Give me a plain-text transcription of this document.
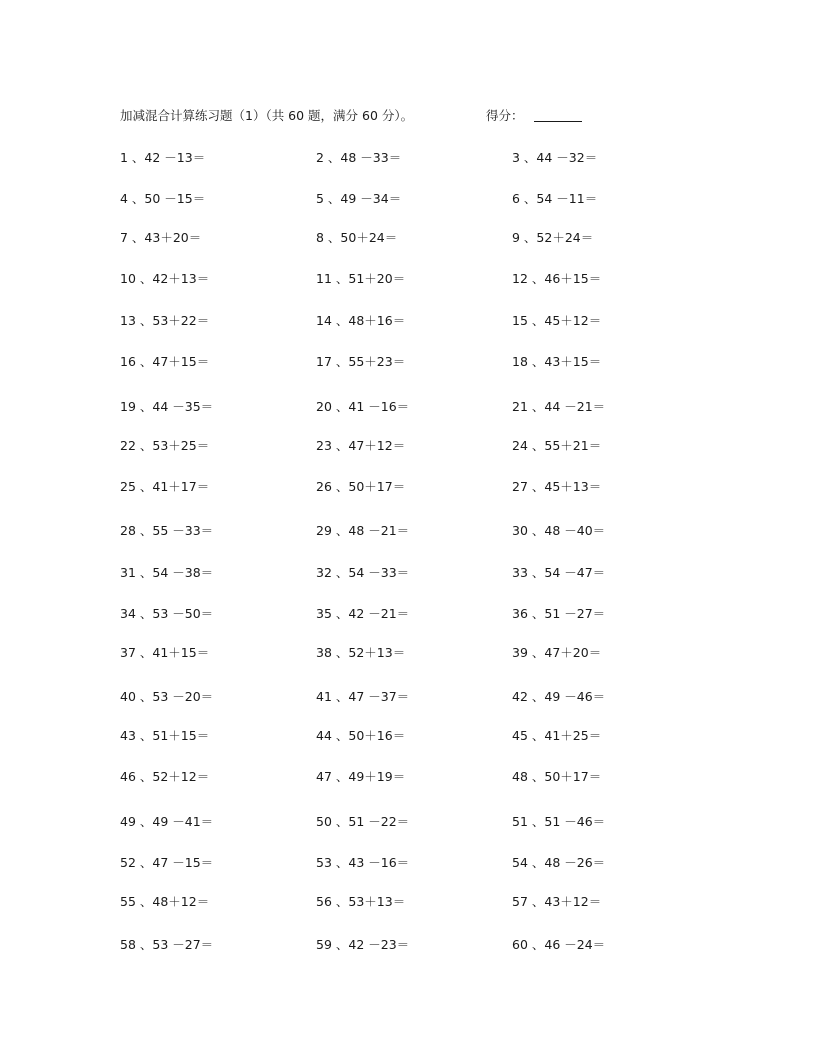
加减混合计算练习题（1）（共 60 题，满分 60 分）。	得分：
1 、42 －13＝	2 、48 －33＝	3 、44 －32＝
4 、50 －15＝	5 、49 －34＝	6 、54 －11＝
7 、43＋20＝	8 、50＋24＝	9 、52＋24＝
10 、42＋13＝	11 、51＋20＝	12 、46＋15＝
13 、53＋22＝	14 、48＋16＝	15 、45＋12＝
16 、47＋15＝	17 、55＋23＝	18 、43＋15＝
19 、44 －35＝	20 、41 －16＝	21 、44 －21＝
22 、53＋25＝	23 、47＋12＝	24 、55＋21＝
25 、41＋17＝	26 、50＋17＝	27 、45＋13＝
28 、55 －33＝	29 、48 －21＝	30 、48 －40＝
31 、54 －38＝	32 、54 －33＝	33 、54 －47＝
34 、53 －50＝	35 、42 －21＝	36 、51 －27＝
37 、41＋15＝	38 、52＋13＝	39 、47＋20＝
40 、53 －20＝	41 、47 －37＝	42 、49 －46＝
43 、51＋15＝	44 、50＋16＝	45 、41＋25＝
46 、52＋12＝	47 、49＋19＝	48 、50＋17＝
49 、49 －41＝	50 、51 －22＝	51 、51 －46＝
52 、47 －15＝	53 、43 －16＝	54 、48 －26＝
55 、48＋12＝	56 、53＋13＝	57 、43＋12＝
58 、53 －27＝	59 、42 －23＝	60 、46 －24＝
